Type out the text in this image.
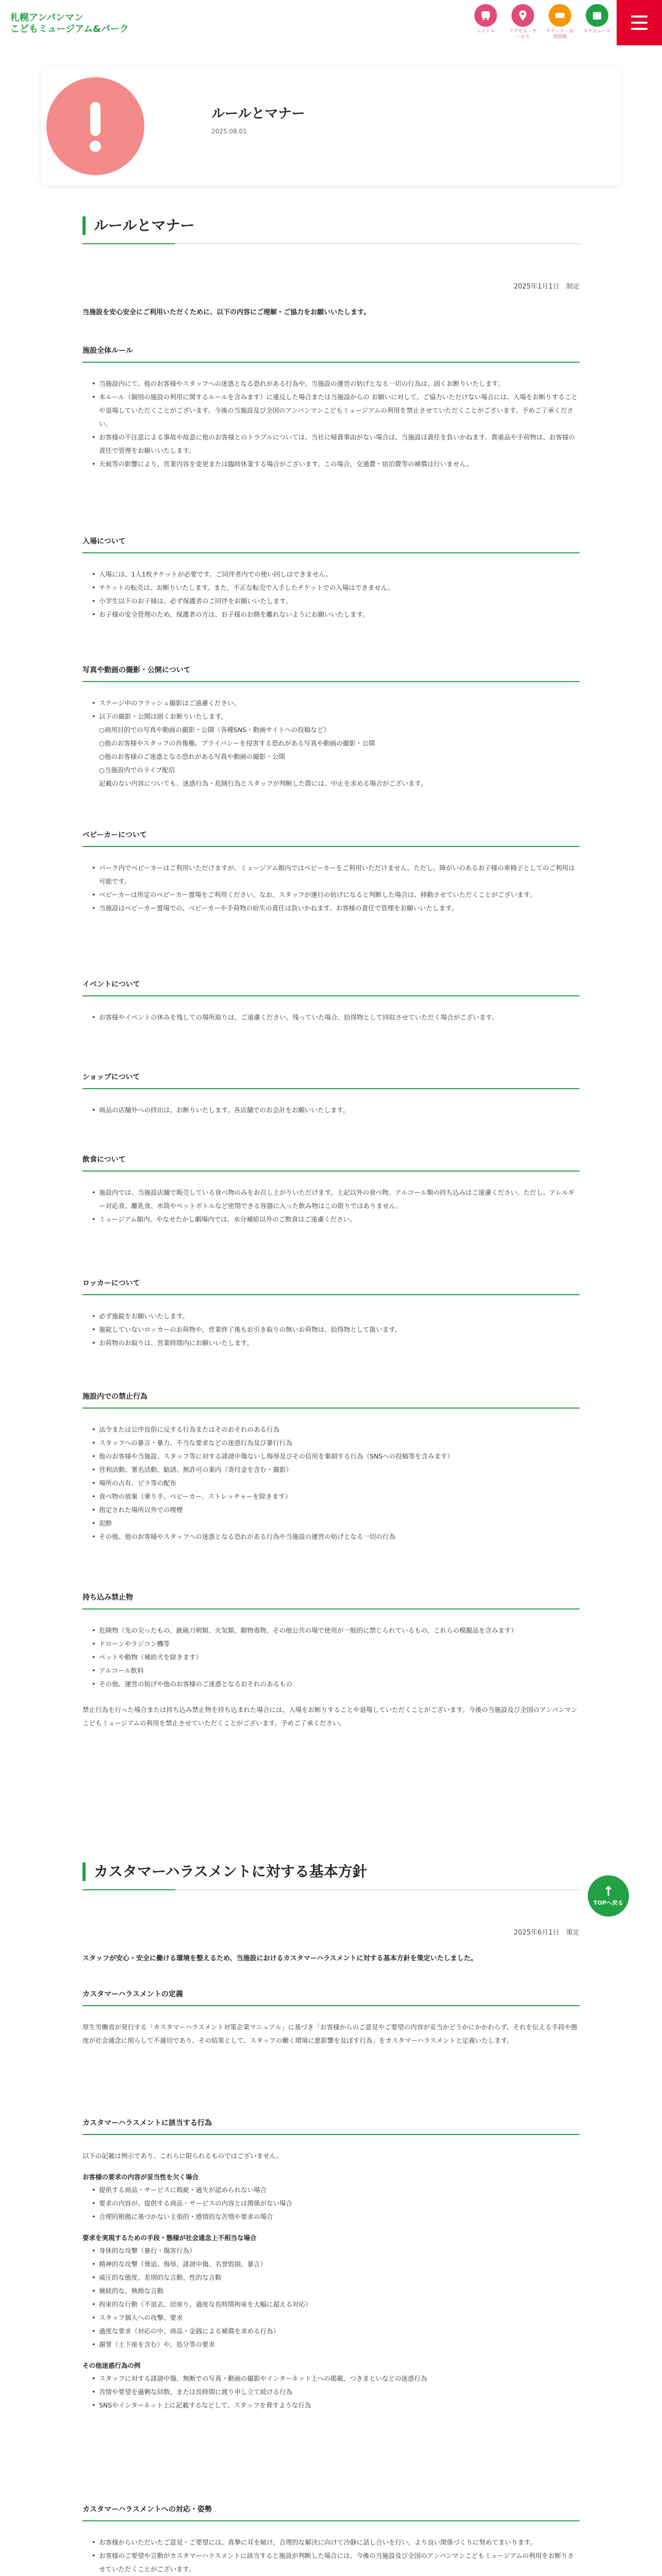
札幌アンパンマン
こどもミュージアム&パーク	シャトル	アクセス・サービス
チケット・お得情報
スケジュール
ルールとマナー
2025.08.01
ルールとマナー
2025年1月1日　制定
当施設を安心安全にご利用いただくために、以下の内容にご理解・ご協力をお願いいたします。
施設全体ルール
• 当施設内にて、他のお客様やスタッフへの迷惑となる恐れがある行為や、当施設の運営の妨げとなる一切の行為は、固くお断りいたします。
• 本ルール（個別の施設の利用に関するルールを含みます）に違反した場合または当施設からの お願いに対して、ご協力いただけない場合には、入場をお断りすることや退場していただくことがございます。今後の当施設及び全国のアンパンマンこどもミュージアムの利用を禁止させていただくことがございます。予めご了承ください。
• お客様の不注意による事故や故意に他のお客様とのトラブルについては、当社に帰責事由がない場合は、当施設は責任を負いかねます。貴重品や手荷物は、お客様の責任で管理をお願いいたします。
• 天候等の影響により、営業内容を変更または臨時休業する場合がございます。この場合、交通費・宿泊費等の補償は行いません。
入場について
• 入場には、1人1枚チケットが必要です。ご同伴者内での使い回しはできません。
• チケットの転売は、お断りいたします。また、不正な転売で入手したチケットでの入場はできません。
• 小学生以下のお子様は、必ず保護者のご同伴をお願いいたします。
• お子様の安全管理のため、保護者の方は、お子様のお側を離れないようにお願いいたします。
写真や動画の撮影・公開について
• ステージ中のフラッシュ撮影はご遠慮ください。
• 以下の撮影・公開は固くお断りいたします。

○商用目的での写真や動画の撮影・公開（各種SNS・動画サイトへの投稿など）

○他のお客様やスタッフの肖像権、プライバシーを侵害する恐れがある写真や動画の撮影・公開

○他のお客様のご迷惑となる恐れがある写真や動画の撮影・公開

○当施設内でのライブ配信

記載のない内容についても、迷惑行為・危険行為とスタッフが判断した際には、中止を求める場合がございます。

ベビーカーについて
• パーク内でベビーカーはご利用いただけますが、ミュージアム館内ではベビーカーをご利用いただけません。ただし、障がいのあるお子様の車椅子としてのご利用は可能です。
• ベビーカーは所定のベビーカー置場をご利用ください。なお、スタッフが運行の妨げになると判断した場合は、移動させていただくことがございます。
• 当施設はベビーカー置場での、ベビーカーや手荷物の紛失の責任は負いかねます。お客様の責任で管理をお願いいたします。
イベントについて
• お客様やイベントの休みを残しての場所取りは、ご遠慮ください。残っていた場合、拾得物として回収させていただく場合がございます。
ショップについて
• 商品の店舗外への持出は、お断りいたします。各店舗でのお会計をお願いいたします。
飲食について
• 施設内では、当施設店舗で販売している食べ物のみをお召し上がりいただけます。上記以外の食べ物、アルコール類の持ち込みはご遠慮ください。ただし、アレルギー対応食、離乳食、水筒やペットボトルなど密閉できる容器に入った飲み物はこの限りではありません。
• ミュージアム館内、やなせたかし劇場内では、水分補給以外のご飲食はご遠慮ください。
ロッカーについて
• 必ず施錠をお願いいたします。
• 施錠していないロッカーのお荷物や、営業終了後もお引き取りの無いお荷物は、拾得物として扱います。
• お荷物のお取りは、営業時間内にお願いいたします。
施設内での禁止行為
• 法令または公序良俗に反する行為またはそのおそれのある行為
• スタッフへの暴言・暴力、不当な要求などの迷惑行為及び暴行行為
• 他のお客様や当施設、スタッフ等に対する誹謗中傷ないし侮辱及びその信用を棄損する行為（SNSへの投稿等を含みます）
• 営利活動、署名活動、勧誘、無許可の案内（寄付金を含む・撮影）
• 場所の占有、ビラ等の配布
• 食べ物の放棄（乗り手、ベビーカー、ストレッチャーを除きます）
• 指定された場所以外での喫煙
• 泥酔
• その他、他のお客様やスタッフへの迷惑となる恐れがある行為や当施設の運営の妨げとなる一切の行為
持ち込み禁止物
• 危険物（先の尖ったもの、銃砲刀剣類、火気類、劇物毒物、その他公共の場で使用が一般的に禁じられているもの、これらの模擬品を含みます）
• ドローンやラジコン機等
• ペットや動物（補助犬を除きます）
• アルコール飲料
• その他、運営の妨げや他のお客様のご迷惑となるおそれのあるもの

禁止行為を行った場合または持ち込み禁止物を持ち込まれた場合には、入場をお断りすることや退場していただくことがございます。今後の当施設及び全国のアンパンマンこどもミュージアムの利用を禁止させていただくことがございます。予めご了承ください。

カスタマーハラスメントに対する基本方針
2025年6月1日　策定
スタッフが安心・安全に働ける環境を整えるため、当施設におけるカスタマーハラスメントに対する基本方針を策定いたしました。
↑
TOPへ戻る
カスタマーハラスメントの定義

厚生労働省が発行する「カスタマーハラスメント対策企業マニュアル」に基づき「お客様からのご意見やご要望の内容が妥当かどうかにかかわらず、それを伝える手段や態度が社会通念に照らして不適切であり、その結果として、スタッフの働く環境に悪影響を及ぼす行為」をカスタマーハラスメントと定義いたします。

カスタマーハラスメントに該当する行為

以下の記載は例示であり、これらに限られるものではございません。

お客様の要求の内容が妥当性を欠く場合
• 提供する商品・サービスに瑕疵・過失が認められない場合
• 要求の内容が、提供する商品・サービスの内容とは関係がない場合
• 合理的根拠に基づかない主張的・感情的な苦情や要求の場合
要求を実現するための手段・態様が社会通念上不相当な場合
• 身体的な攻撃（暴行・傷害行為）
• 精神的な攻撃（脅迫、侮辱、誹謗中傷、名誉毀損、暴言）
• 威圧的な態度、差別的な言動、性的な言動
• 継続的な、執拗な言動
• 拘束的な行動（不退去、居座り、過度な長時間拘束を大幅に超える対応）
• スタッフ個人への攻撃、要求
• 過度な要求（対応の中、商品・金銭による補償を求める行為）
• 謝罪（土下座を含む）や、処分等の要求
その他迷惑行為の例
• スタッフに対する誹謗中傷、無断での写真・動画の撮影やインターネット上への掲載、つきまといなどの迷惑行為
• 苦情や要望を過剰な回数、または長時間に渡り申し立て続ける行為
• SNSやインターネット上に記載するなどして、スタッフを脅すような行為
カスタマーハラスメントへの対応・姿勢
• お客様からいただいたご意見・ご要望には、真摯に耳を傾け、合理的な解決に向けて冷静に話し合いを行い、より良い関係づくりに努めてまいります。
• お客様のご要望や言動がカスタマーハラスメントに該当すると施設が判断した場合には、今後の当施設及び全国のアンパンマンこどもミュージアムの利用をお断りさせていただくことがございます。
